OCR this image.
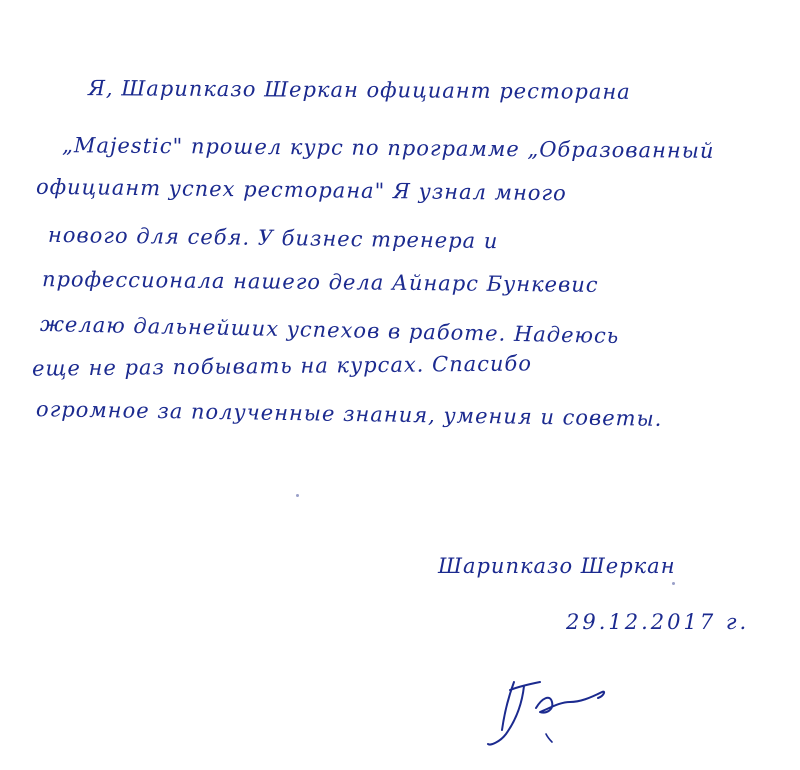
Я, Шарипказо Шеркан официант ресторана
„Majestic" прошел курс по программе „Образованный
официант успех ресторана" Я узнал много
нового для себя. У бизнес тренера и
профессионала нашего дела Айнарс Бункевис
желаю дальнейших успехов в работе. Надеюсь
еще не раз побывать на курсах. Спасибо
огромное за полученные знания, умения и советы.
Шарипказо Шеркан
29.12.2017 г.
